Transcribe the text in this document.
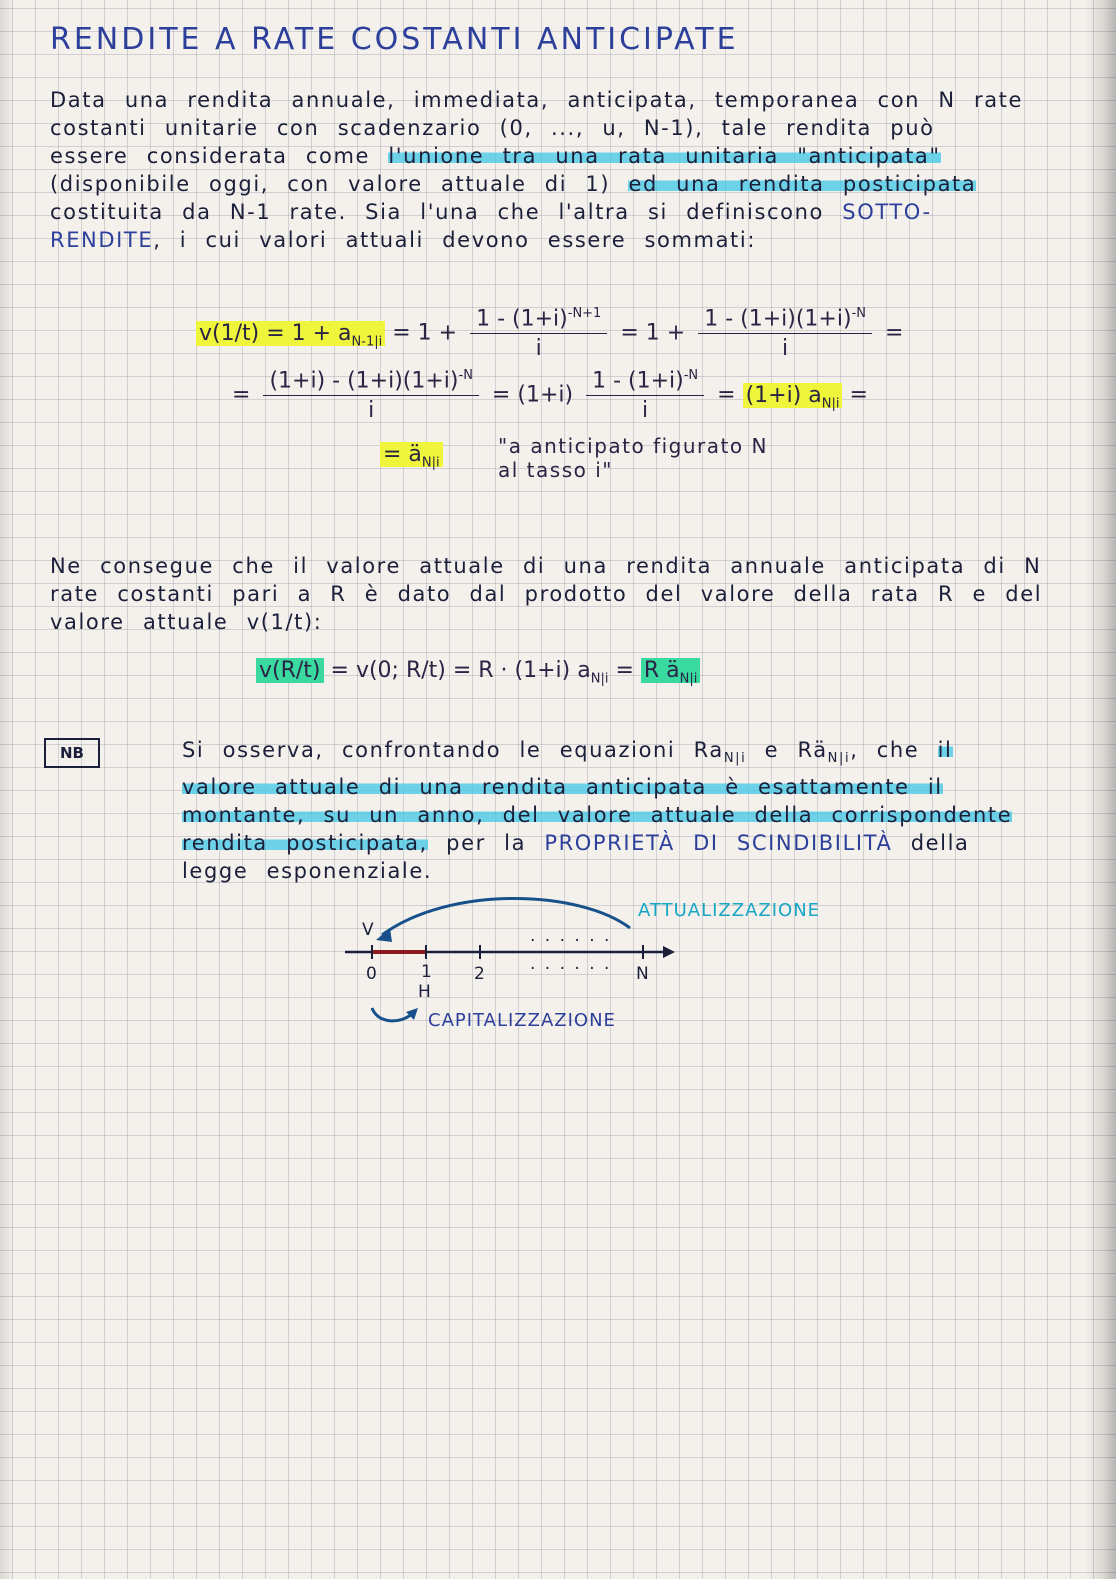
RENDITE A RATE COSTANTI ANTICIPATE
Data una rendita annuale, immediata, anticipata, temporanea con N rate costanti unitarie con scadenzario (0, ..., u, N-1), tale rendita può essere considerata come l'unione tra una rata unitaria "anticipata" (disponibile oggi, con valore attuale di 1) ed una rendita posticipata costituita da N-1 rate. Sia l'una che l'altra si definiscono SOTTO-RENDITE, i cui valori attuali devono essere sommati:
$v(1/t) = 1 + a_{N-1|i} = 1 + \frac{1 - (1+i)^{-N+1}}{i} = 1 + \frac{1 - (1+i)(1+i)^{-N}}{i}$ =
= $\frac{(1+i) - (1+i)(1+i)^{-N}}{i} = (1+i) \frac{1 - (1+i)^{-N}}{i} = (1+i) a_{N|i}$ =
= $ä_{N|i}$
"a anticipato figurato N al tasso i"
Ne consegue che il valore attuale di una rendita annuale anticipata di N rate costanti pari a R è dato dal prodotto del valore della rata R e del valore attuale v(1/t):
v(R/t) = v(0; R/t) = R · (1+i) $a_{N|i} = R$ $ä_{N|i}$
NB	Si osserva, confrontando le equazioni $Ra_{N|i}$ e $Rä_{N|i}$, che il valore attuale di una rendita anticipata è esattamente il montante, su un anno, del valore attuale della corrispondente rendita posticipata, per la PROPRIETÀ DI SCINDIBILITÀ della legge esponenziale.
V
0	1 2	N
. . . . . .
. . . . . .
H
ATTUALIZZAZIONE
CAPITALIZZAZIONE
